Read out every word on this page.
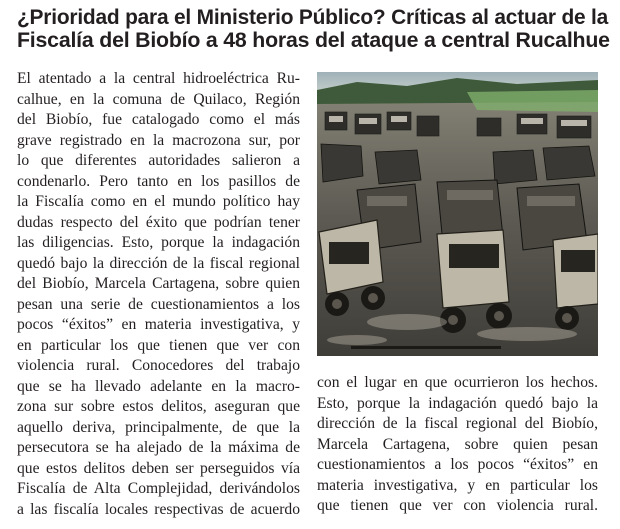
¿Prioridad para el Ministerio Público? Críticas al actuar de la
Fiscalía del Biobío a 48 horas del ataque a central Rucalhue
El atentado a la central hidroeléctrica Ru-
calhue, en la comuna de Quilaco, Región
del Biobío, fue catalogado como el más
grave registrado en la macrozona sur, por
lo que diferentes autoridades salieron a
condenarlo. Pero tanto en los pasillos de
la Fiscalía como en el mundo político hay
dudas respecto del éxito que podrían tener
las diligencias. Esto, porque la indagación
quedó bajo la dirección de la fiscal regional
del Biobío, Marcela Cartagena, sobre quien
pesan una serie de cuestionamientos a los
pocos “éxitos” en materia investigativa, y
en particular los que tienen que ver con
violencia rural. Conocedores del trabajo
que se ha llevado adelante en la macro-
zona sur sobre estos delitos, aseguran que
aquello deriva, principalmente, de que la
persecutora se ha alejado de la máxima de
que estos delitos deben ser perseguidos vía
Fiscalía de Alta Complejidad, derivándolos
a las fiscalía locales respectivas de acuerdo
con el lugar en que ocurrieron los hechos.
Esto, porque la indagación quedó bajo la
dirección de la fiscal regional del Biobío,
Marcela Cartagena, sobre quien pesan
cuestionamientos a los pocos “éxitos” en
materia investigativa, y en particular los
que tienen que ver con violencia rural.
